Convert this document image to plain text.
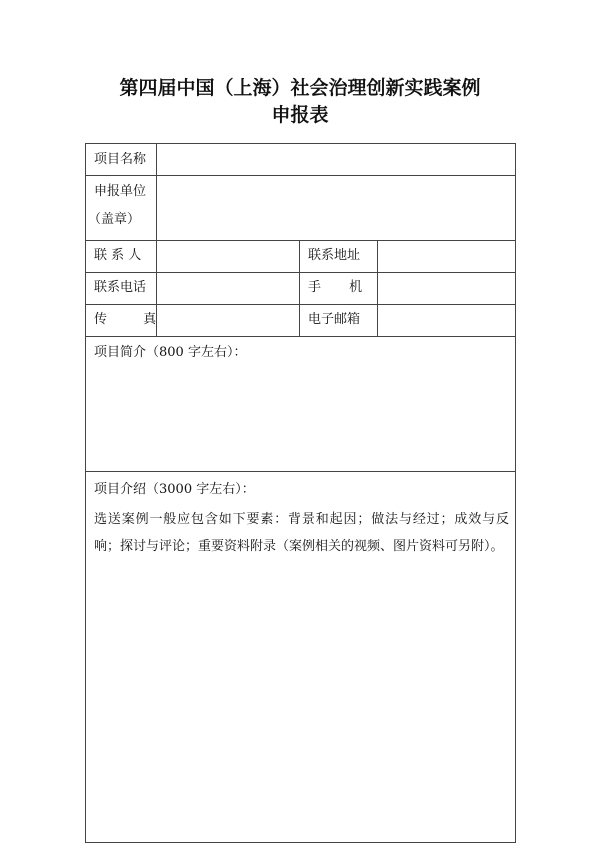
第四届中国（上海）社会治理创新实践案例
申报表
项目名称
申报单位
（盖章）
联 系 人	联系地址
联系电话	手 机
传 真	电子邮箱
项目简介（800 字左右）：
项目介绍（3000 字左右）：
选送案例一般应包含如下要素：背景和起因；做法与经过；成效与反响；探讨与评论；重要资料附录（案例相关的视频、图片资料可另附）。
